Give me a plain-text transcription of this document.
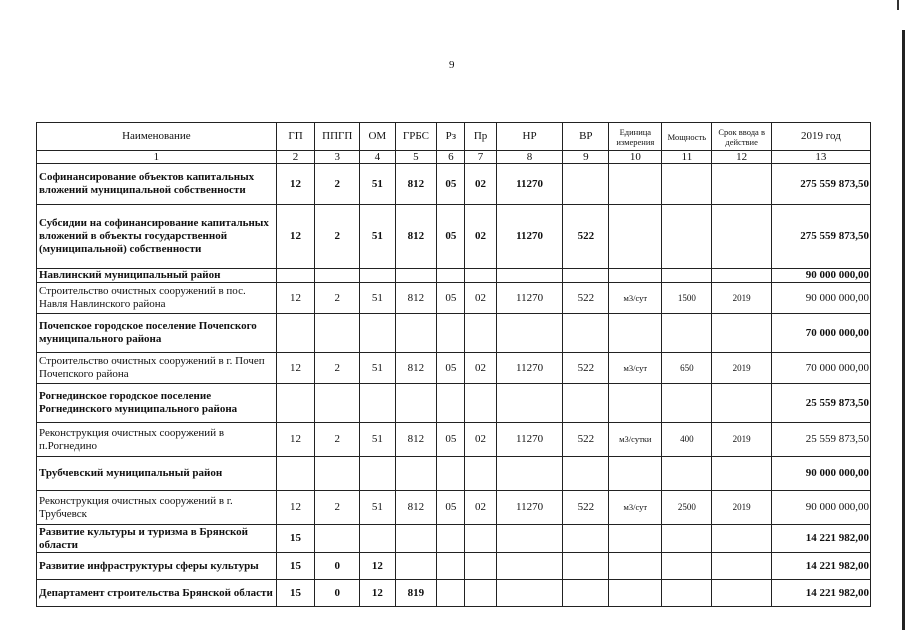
9
Наименование	ГП	ППГП	ОМ	ГРБС	Рз	Пр	НР	ВР	Единица измерения	Мощность	Срок ввода в действие	2019 год
1	2	3	4	5	6	7	8	9	10	11	12	13
Софинансирование объектов капитальных вложений муниципальной собственности	12	2	51	812	05	02	11270					275 559 873,50
Субсидии на софинансирование капитальных вложений в объекты государственной (муниципальной) собственности	12	2	51	812	05	02	11270	522				275 559 873,50
Навлинский муниципальный район												90 000 000,00
Строительство очистных сооружений в пос. Навля Навлинского района	12	2	51	812	05	02	11270	522	м3/сут	1500	2019	90 000 000,00
Почепское городское поселение Почепского муниципального района												70 000 000,00
Строительство очистных сооружений в г. Почеп Почепского района	12	2	51	812	05	02	11270	522	м3/сут	650	2019	70 000 000,00
Рогнединское городское поселение Рогнединского муниципального района												25 559 873,50
Реконструкция очистных сооружений в п.Рогнедино	12	2	51	812	05	02	11270	522	м3/сутки	400	2019	25 559 873,50
Трубчевский муниципальный район												90 000 000,00
Реконструкция очистных сооружений в г. Трубчевск	12	2	51	812	05	02	11270	522	м3/сут	2500	2019	90 000 000,00
Развитие культуры и туризма в Брянской области	15											14 221 982,00
Развитие инфраструктуры сферы культуры	15	0	12									14 221 982,00
Департамент строительства Брянской области	15	0	12	819								14 221 982,00
